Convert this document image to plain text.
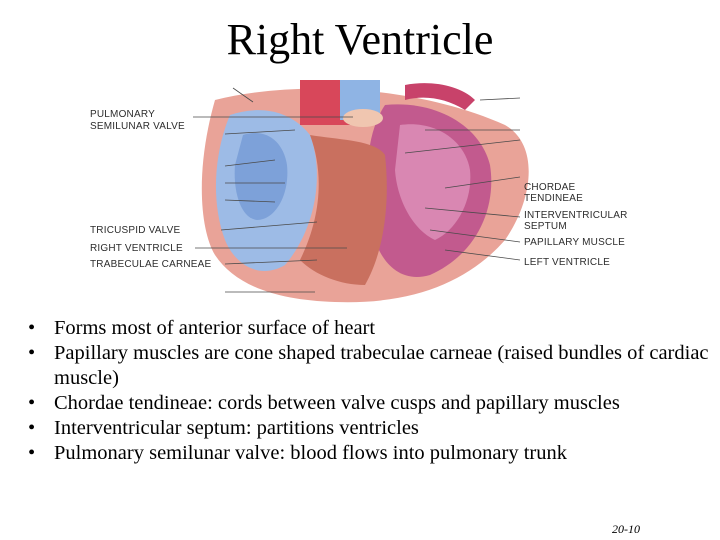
Right Ventricle
PULMONARY
SEMILUNAR VALVE
TRICUSPID VALVE
RIGHT VENTRICLE
TRABECULAE CARNEAE
CHORDAE
TENDINEAE
INTERVENTRICULAR
SEPTUM
PAPILLARY MUSCLE
LEFT VENTRICLE
• Forms most of anterior surface of heart
• Papillary muscles are cone shaped trabeculae carneae (raised bundles of cardiac muscle)
• Chordae tendineae: cords between valve cusps and papillary muscles
• Interventricular septum: partitions ventricles
• Pulmonary semilunar valve: blood flows into pulmonary trunk
20-10
